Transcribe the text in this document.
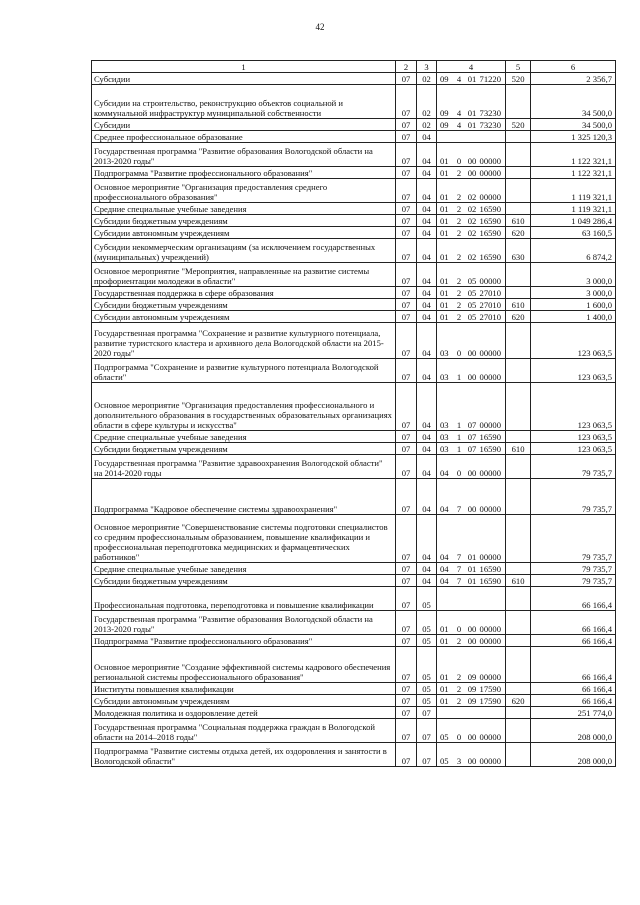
42
1	2	3	4				5	6
Субсидии	07	02	09	4	01	71220	520	2 356,7
Субсидии на строительство, реконструкцию объектов социальной и коммунальной инфраструктур муниципальной собственности	07	02	09	4	01	73230		34 500,0
Субсидии	07	02	09	4	01	73230	520	34 500,0
Среднее профессиональное образование	07	04						1 325 120,3
Государственная программа "Развитие образования Вологодской области на 2013-2020 годы"	07	04	01	0	00	00000		1 122 321,1
Подпрограмма "Развитие профессионального образования"	07	04	01	2	00	00000		1 122 321,1
Основное мероприятие "Организация предоставления среднего профессионального образования"	07	04	01	2	02	00000		1 119 321,1
Средние специальные учебные заведения	07	04	01	2	02	16590		1 119 321,1
Субсидии бюджетным учреждениям	07	04	01	2	02	16590	610	1 049 286,4
Субсидии автономным учреждениям	07	04	01	2	02	16590	620	63 160,5
Субсидии некоммерческим организациям (за исключением государственных (муниципальных) учреждений)	07	04	01	2	02	16590	630	6 874,2
Основное мероприятие "Мероприятия, направленные на развитие системы профориентации молодежи в области"	07	04	01	2	05	00000		3 000,0
Государственная поддержка в сфере образования	07	04	01	2	05	27010		3 000,0
Субсидии бюджетным учреждениям	07	04	01	2	05	27010	610	1 600,0
Субсидии автономным учреждениям	07	04	01	2	05	27010	620	1 400,0
Государственная программа "Сохранение и развитие культурного потенциала, развитие туристского кластера и архивного дела Вологодской области на 2015-2020 годы"	07	04	03	0	00	00000		123 063,5
Подпрограмма "Сохранение и развитие культурного потенциала Вологодской области"	07	04	03	1	00	00000		123 063,5
Основное мероприятие "Организация предоставления профессионального и дополнительного образования в государственных образовательных организациях области в сфере культуры и искусства"	07	04	03	1	07	00000		123 063,5
Средние специальные учебные заведения	07	04	03	1	07	16590		123 063,5
Субсидии бюджетным учреждениям	07	04	03	1	07	16590	610	123 063,5
Государственная программа "Развитие здравоохранения Вологодской области" на 2014-2020 годы	07	04	04	0	00	00000		79 735,7
Подпрограмма "Кадровое обеспечение системы здравоохранения"	07	04	04	7	00	00000		79 735,7
Основное мероприятие "Совершенствование системы подготовки специалистов со средним профессиональным образованием, повышение квалификации и профессиональная переподготовка медицинских и фармацевтических работников"	07	04	04	7	01	00000		79 735,7
Средние специальные учебные заведения	07	04	04	7	01	16590		79 735,7
Субсидии бюджетным учреждениям	07	04	04	7	01	16590	610	79 735,7
Профессиональная подготовка, переподготовка и повышение квалификации	07	05						66 166,4
Государственная программа "Развитие образования Вологодской области на 2013-2020 годы"	07	05	01	0	00	00000		66 166,4
Подпрограмма "Развитие профессионального образования"	07	05	01	2	00	00000		66 166,4
Основное мероприятие "Создание эффективной системы кадрового обеспечения региональной системы профессионального образования"	07	05	01	2	09	00000		66 166,4
Институты повышения квалификации	07	05	01	2	09	17590		66 166,4
Субсидии автономным учреждениям	07	05	01	2	09	17590	620	66 166,4
Молодежная политика и оздоровление детей	07	07						251 774,0
Государственная программа "Социальная поддержка граждан в Вологодской области на 2014–2018 годы"	07	07	05	0	00	00000		208 000,0
Подпрограмма "Развитие системы отдыха детей, их оздоровления и занятости в Вологодской области"	07	07	05	3	00	00000		208 000,0
